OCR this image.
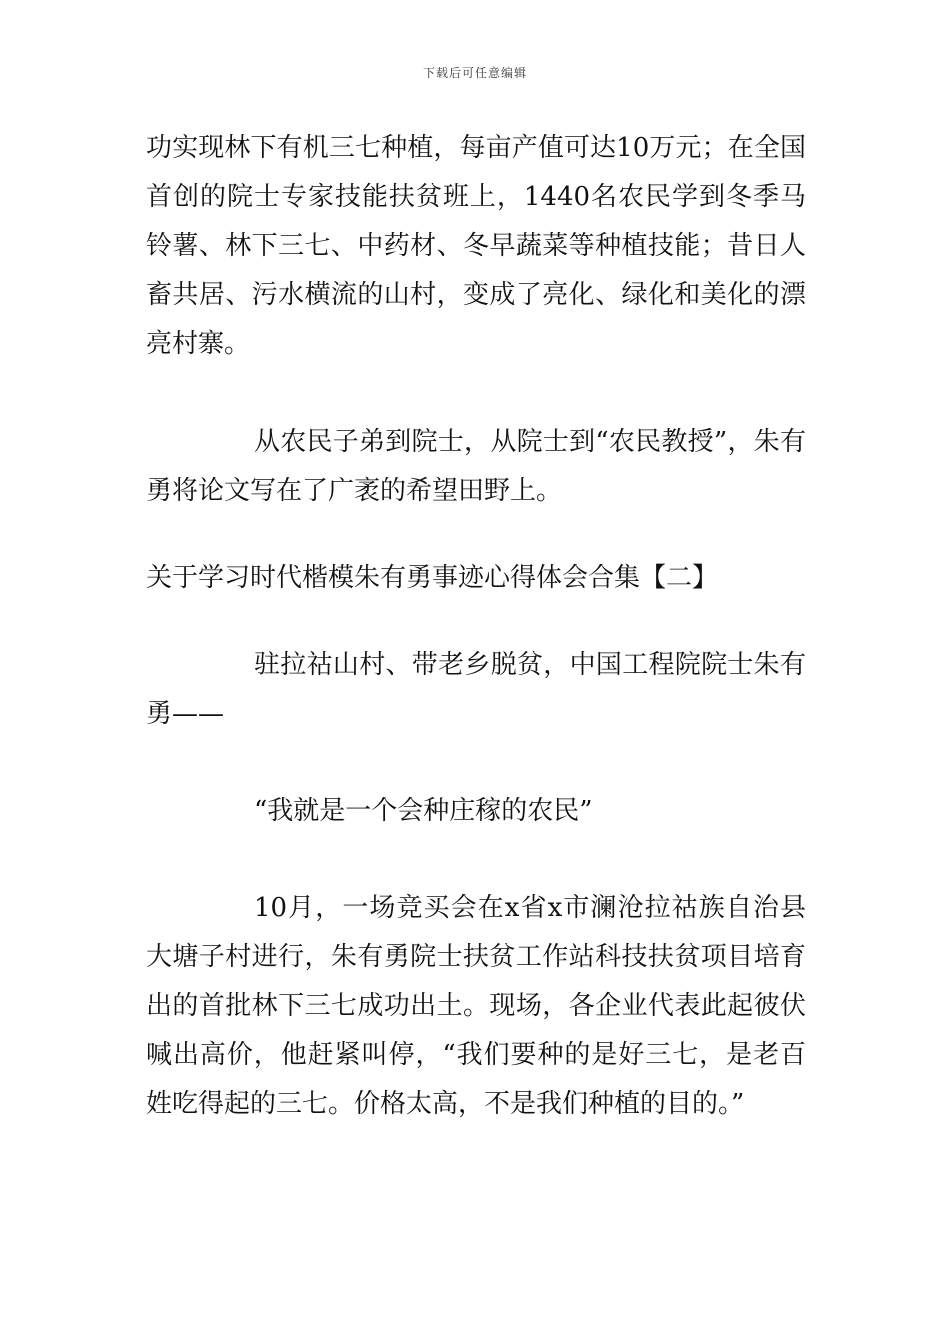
下载后可任意编辑

功实现林下有机三七种植，每亩产值可达10万元；在全国首创的院士专家技能扶贫班上，1440名农民学到冬季马铃薯、林下三七、中药材、冬早蔬菜等种植技能；昔日人畜共居、污水横流的山村，变成了亮化、绿化和美化的漂亮村寨。

从农民子弟到院士，从院士到“农民教授”，朱有勇将论文写在了广袤的希望田野上。

关于学习时代楷模朱有勇事迹心得体会合集【二】

驻拉祜山村、带老乡脱贫，中国工程院院士朱有勇——

“我就是一个会种庄稼的农民”

10月，一场竞买会在x省x市澜沧拉祜族自治县大塘子村进行，朱有勇院士扶贫工作站科技扶贫项目培育出的首批林下三七成功出土。现场，各企业代表此起彼伏喊出高价，他赶紧叫停，“我们要种的是好三七，是老百姓吃得起的三七。价格太高，不是我们种植的目的。”
